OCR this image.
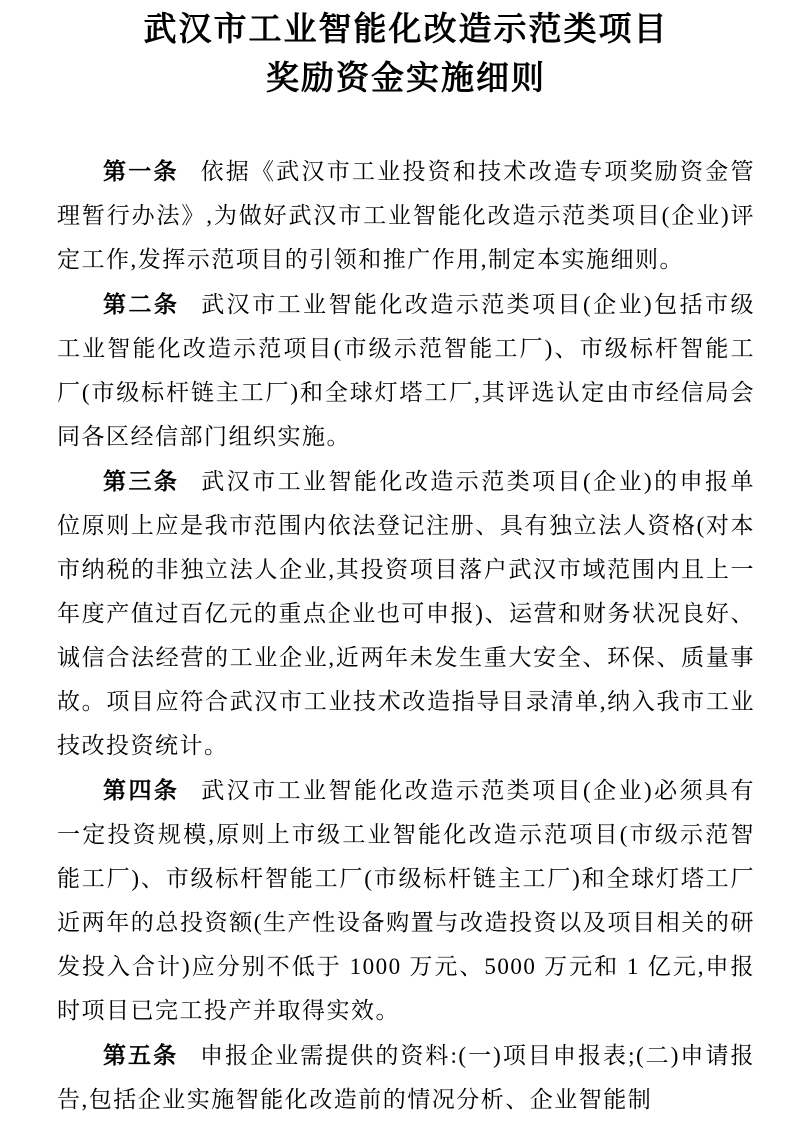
武汉市工业智能化改造示范类项目
奖励资金实施细则

第一条 依据《武汉市工业投资和技术改造专项奖励资金管理暂行办法》,为做好武汉市工业智能化改造示范类项目(企业)评定工作,发挥示范项目的引领和推广作用,制定本实施细则。

第二条 武汉市工业智能化改造示范类项目(企业)包括市级工业智能化改造示范项目(市级示范智能工厂)、市级标杆智能工厂(市级标杆链主工厂)和全球灯塔工厂,其评选认定由市经信局会同各区经信部门组织实施。

第三条 武汉市工业智能化改造示范类项目(企业)的申报单位原则上应是我市范围内依法登记注册、具有独立法人资格(对本市纳税的非独立法人企业,其投资项目落户武汉市域范围内且上一年度产值过百亿元的重点企业也可申报)、运营和财务状况良好、诚信合法经营的工业企业,近两年未发生重大安全、环保、质量事故。项目应符合武汉市工业技术改造指导目录清单,纳入我市工业技改投资统计。

第四条 武汉市工业智能化改造示范类项目(企业)必须具有一定投资规模,原则上市级工业智能化改造示范项目(市级示范智能工厂)、市级标杆智能工厂(市级标杆链主工厂)和全球灯塔工厂近两年的总投资额(生产性设备购置与改造投资以及项目相关的研发投入合计)应分别不低于 1000 万元、5000 万元和 1 亿元,申报时项目已完工投产并取得实效。

第五条 申报企业需提供的资料:(一)项目申报表;(二)申请报告,包括企业实施智能化改造前的情况分析、企业智能制
